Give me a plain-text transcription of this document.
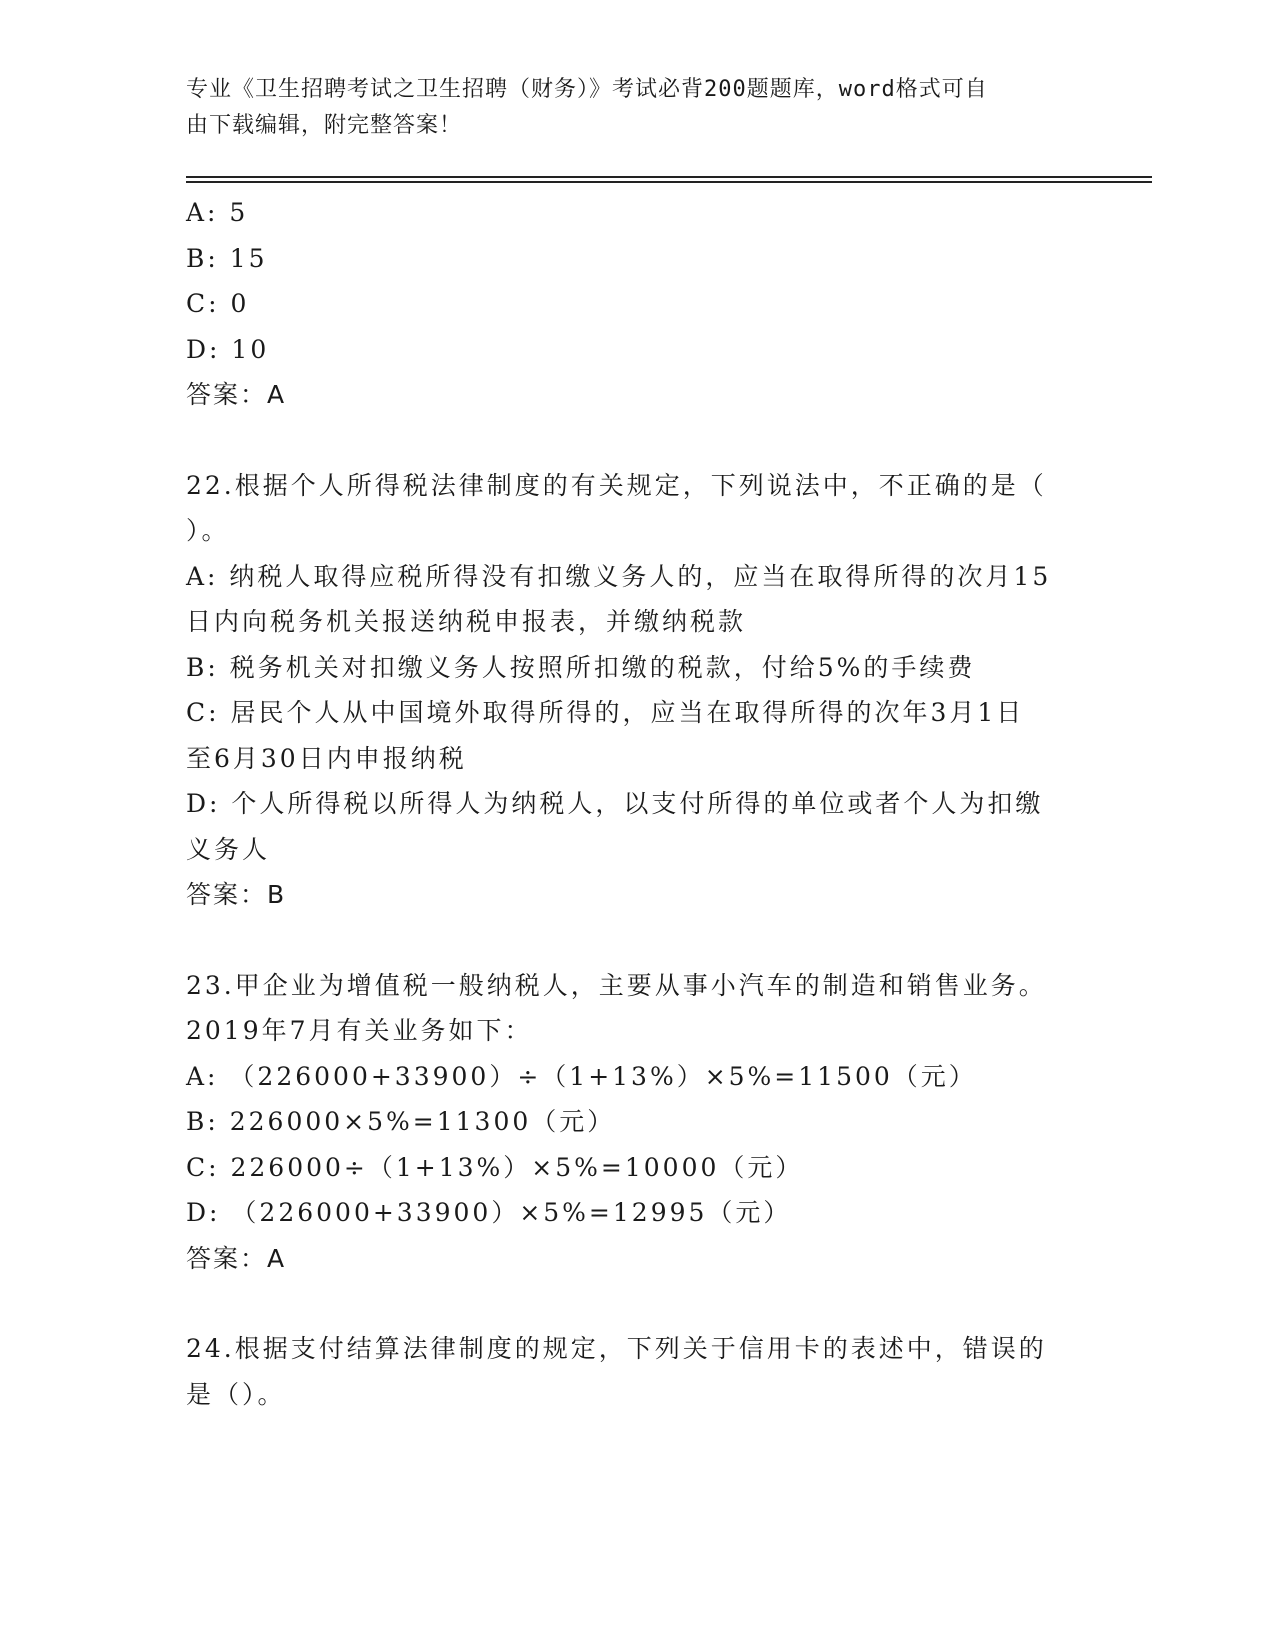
专业《卫生招聘考试之卫生招聘（财务）》考试必背200题题库，word格式可自
由下载编辑，附完整答案！
A: 5
B: 15
C: 0
D: 10
答案：A
22.根据个人所得税法律制度的有关规定，下列说法中，不正确的是（
）。
A: 纳税人取得应税所得没有扣缴义务人的，应当在取得所得的次月15
日内向税务机关报送纳税申报表，并缴纳税款
B: 税务机关对扣缴义务人按照所扣缴的税款，付给5%的手续费
C: 居民个人从中国境外取得所得的，应当在取得所得的次年3月1日
至6月30日内申报纳税
D: 个人所得税以所得人为纳税人，以支付所得的单位或者个人为扣缴
义务人
答案：B
23.甲企业为增值税一般纳税人，主要从事小汽车的制造和销售业务。
2019年7月有关业务如下：
A: （226000+33900）÷（1+13%）×5%=11500（元）
B: 226000×5%=11300（元）
C: 226000÷（1+13%）×5%=10000（元）
D: （226000+33900）×5%=12995（元）
答案：A
24.根据支付结算法律制度的规定，下列关于信用卡的表述中，错误的
是（）。
